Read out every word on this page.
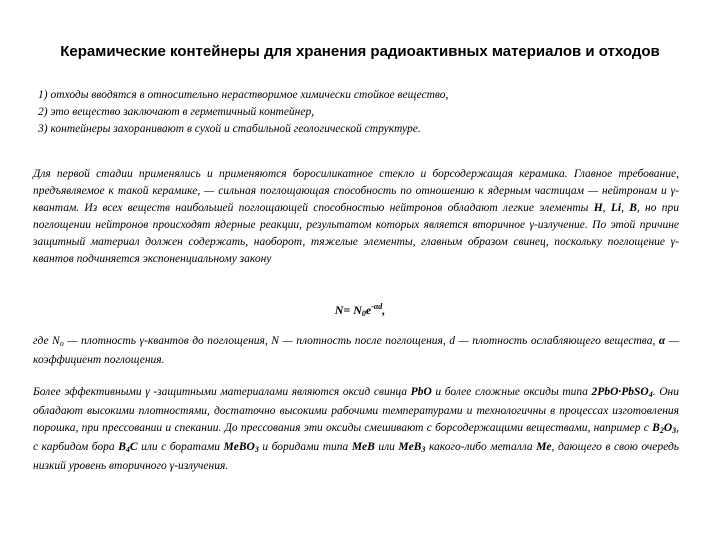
Керамические контейнеры для хранения радиоактивных материалов и отходов
1) отходы вводятся в относительно нерастворимое химически стойкое вещество,
2) это вещество заключают в герметичный контейнер,
3) контейнеры захоранивают в сухой и стабильной геологической структуре.

Для первой стадии применялись и применяются боросиликатное стекло и борсодержащая керамика. Главное требование, предъявляемое к такой керамике, — сильная поглощающая способность по отношению к ядерным частицам — нейтронам и γ-квантам. Из всех веществ наибольшей поглощающей способностью нейтронов обладают легкие элементы Н, Li, В, но при поглощении нейтронов происходят ядерные реакции, результатом которых является вторичное γ-излучение. По этой причине защитный материал должен содержать, наоборот, тяжелые элементы, главным образом свинец, поскольку поглощение γ-квантов подчиняется экспоненциальному закону

$N= N_0e^{-\alpha d}$,

где $N_o$ — плотность γ-квантов до поглощения, N — плотность после поглощения, d — плотность ослабляющего вещества, α — коэффициент поглощения.

Более эффективными γ -защитными материалами являются оксид свинца PbO и более сложные оксиды типа 2PbO·PbSO$_4$. Они обладают высокими плотностями, достаточно высокими рабочими температурами и технологичны в процессах изготовления порошка, при прессовании и спекании. До прессования эти оксиды смешивают с борсодержащими веществами, например с $B_2O_3$, с карбидом бора $B_4C$ или с боратами MeBO$_3$ и боридами типа MeB или MeB$_3$ какого-либо металла Me, дающего в свою очередь низкий уровень вторичного γ-излучения.
